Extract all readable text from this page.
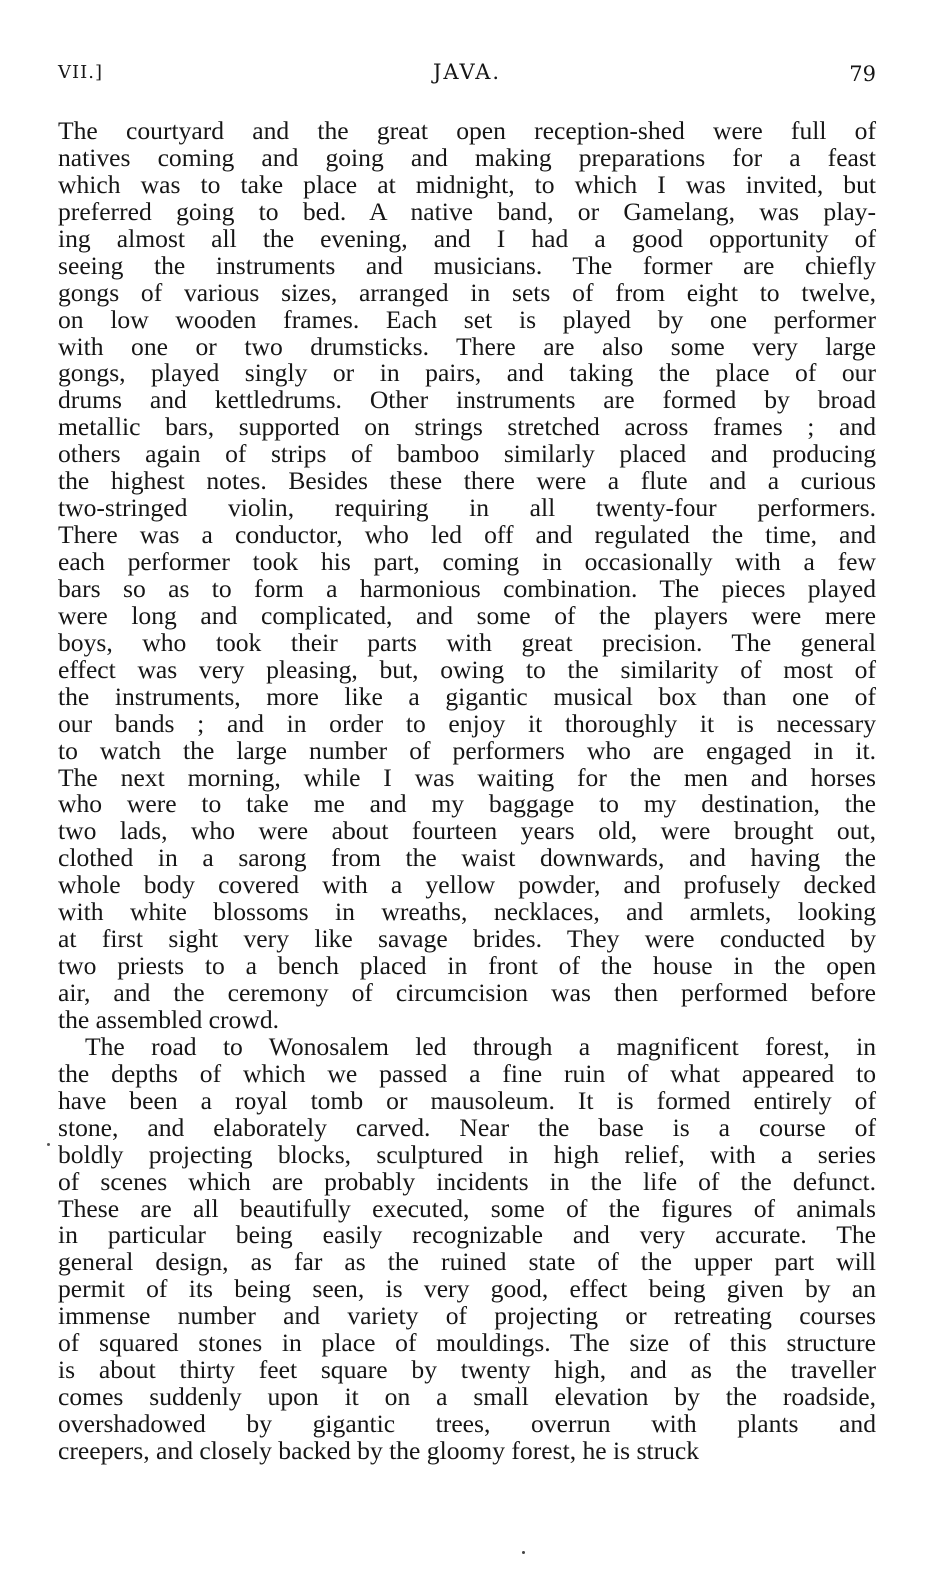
VII.]	JAVA.	79
The courtyard and the great open reception-shed were full of
natives coming and going and making preparations for a feast
which was to take place at midnight, to which I was invited, but
preferred going to bed. A native band, or Gamelang, was play-
ing almost all the evening, and I had a good opportunity of
seeing the instruments and musicians. The former are chiefly
gongs of various sizes, arranged in sets of from eight to twelve,
on low wooden frames. Each set is played by one performer
with one or two drumsticks. There are also some very large
gongs, played singly or in pairs, and taking the place of our
drums and kettledrums. Other instruments are formed by broad
metallic bars, supported on strings stretched across frames ; and
others again of strips of bamboo similarly placed and producing
the highest notes. Besides these there were a flute and a curious
two-stringed violin, requiring in all twenty-four performers.
There was a conductor, who led off and regulated the time, and
each performer took his part, coming in occasionally with a few
bars so as to form a harmonious combination. The pieces played
were long and complicated, and some of the players were mere
boys, who took their parts with great precision. The general
effect was very pleasing, but, owing to the similarity of most of
the instruments, more like a gigantic musical box than one of
our bands ; and in order to enjoy it thoroughly it is necessary
to watch the large number of performers who are engaged in it.
The next morning, while I was waiting for the men and horses
who were to take me and my baggage to my destination, the
two lads, who were about fourteen years old, were brought out,
clothed in a sarong from the waist downwards, and having the
whole body covered with a yellow powder, and profusely decked
with white blossoms in wreaths, necklaces, and armlets, looking
at first sight very like savage brides. They were conducted by
two priests to a bench placed in front of the house in the open
air, and the ceremony of circumcision was then performed before
the assembled crowd.
The road to Wonosalem led through a magnificent forest, in
the depths of which we passed a fine ruin of what appeared to
have been a royal tomb or mausoleum. It is formed entirely of
stone, and elaborately carved. Near the base is a course of
boldly projecting blocks, sculptured in high relief, with a series
of scenes which are probably incidents in the life of the defunct.
These are all beautifully executed, some of the figures of animals
in particular being easily recognizable and very accurate. The
general design, as far as the ruined state of the upper part will
permit of its being seen, is very good, effect being given by an
immense number and variety of projecting or retreating courses
of squared stones in place of mouldings. The size of this structure
is about thirty feet square by twenty high, and as the traveller
comes suddenly upon it on a small elevation by the roadside,
overshadowed by gigantic trees, overrun with plants and
creepers, and closely backed by the gloomy forest, he is struck
